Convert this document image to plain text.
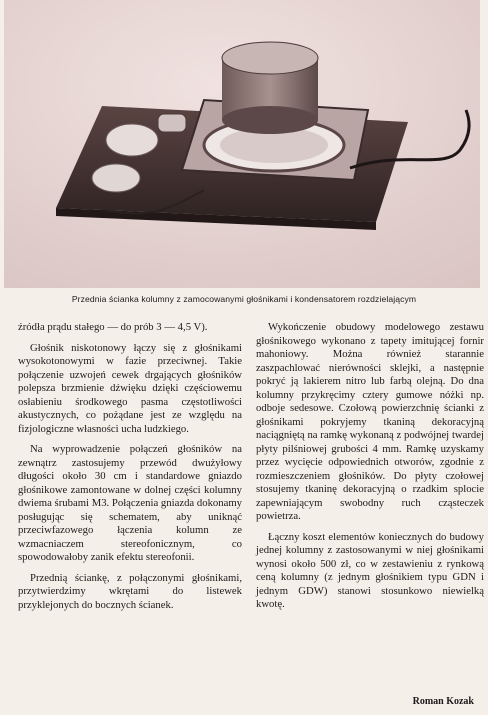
Przednia ścianka kolumny z zamocowanymi głośnikami i kondensatorem rozdzielającym

źródła prądu stałego — do prób 3 — 4,5 V).

Głośnik niskotonowy łączy się z głośnikami wysokotonowymi w fazie przeciwnej. Takie połączenie uzwojeń cewek drgających głośników polepsza brzmienie dźwięku dzięki częściowemu osłabieniu środkowego pasma częstotliwości akustycznych, co pożądane jest ze względu na fizjologiczne własności ucha ludzkiego.

Na wyprowadzenie połączeń głośników na zewnątrz zastosujemy przewód dwużyłowy długości około 30 cm i standardowe gniazdo głośnikowe zamontowane w dolnej części kolumny dwiema śrubami M3. Połączenia gniazda dokonamy posługując się schematem, aby uniknąć przeciwfazowego łączenia kolumn ze wzmacniaczem stereofonicznym, co spowodowałoby zanik efektu stereofonii.

Przednią ściankę, z połączonymi głośnikami, przytwierdzimy wkrętami do listewek przyklejonych do bocznych ścianek.

Wykończenie obudowy modelowego zestawu głośnikowego wykonano z tapety imitującej fornir mahoniowy. Można również starannie zaszpachlować nierówności sklejki, a następnie pokryć ją lakierem nitro lub farbą olejną. Do dna kolumny przykręcimy cztery gumowe nóżki np. odboje sedesowe. Czołową powierzchnię ścianki z głośnikami pokryjemy tkaniną dekoracyjną naciągniętą na ramkę wykonaną z podwójnej twardej płyty pilśniowej grubości 4 mm. Ramkę uzyskamy przez wycięcie odpowiednich otworów, zgodnie z rozmieszczeniem głośników. Do płyty czołowej stosujemy tkaninę dekoracyjną o rzadkim splocie zapewniającym swobodny ruch cząsteczek powietrza.

Łączny koszt elementów koniecznych do budowy jednej kolumny z zastosowanymi w niej głośnikami wynosi około 500 zł, co w zestawieniu z rynkową ceną kolumny (z jednym głośnikiem typu GDN i jednym GDW) stanowi stosunkowo niewielką kwotę.

Roman Kozak
